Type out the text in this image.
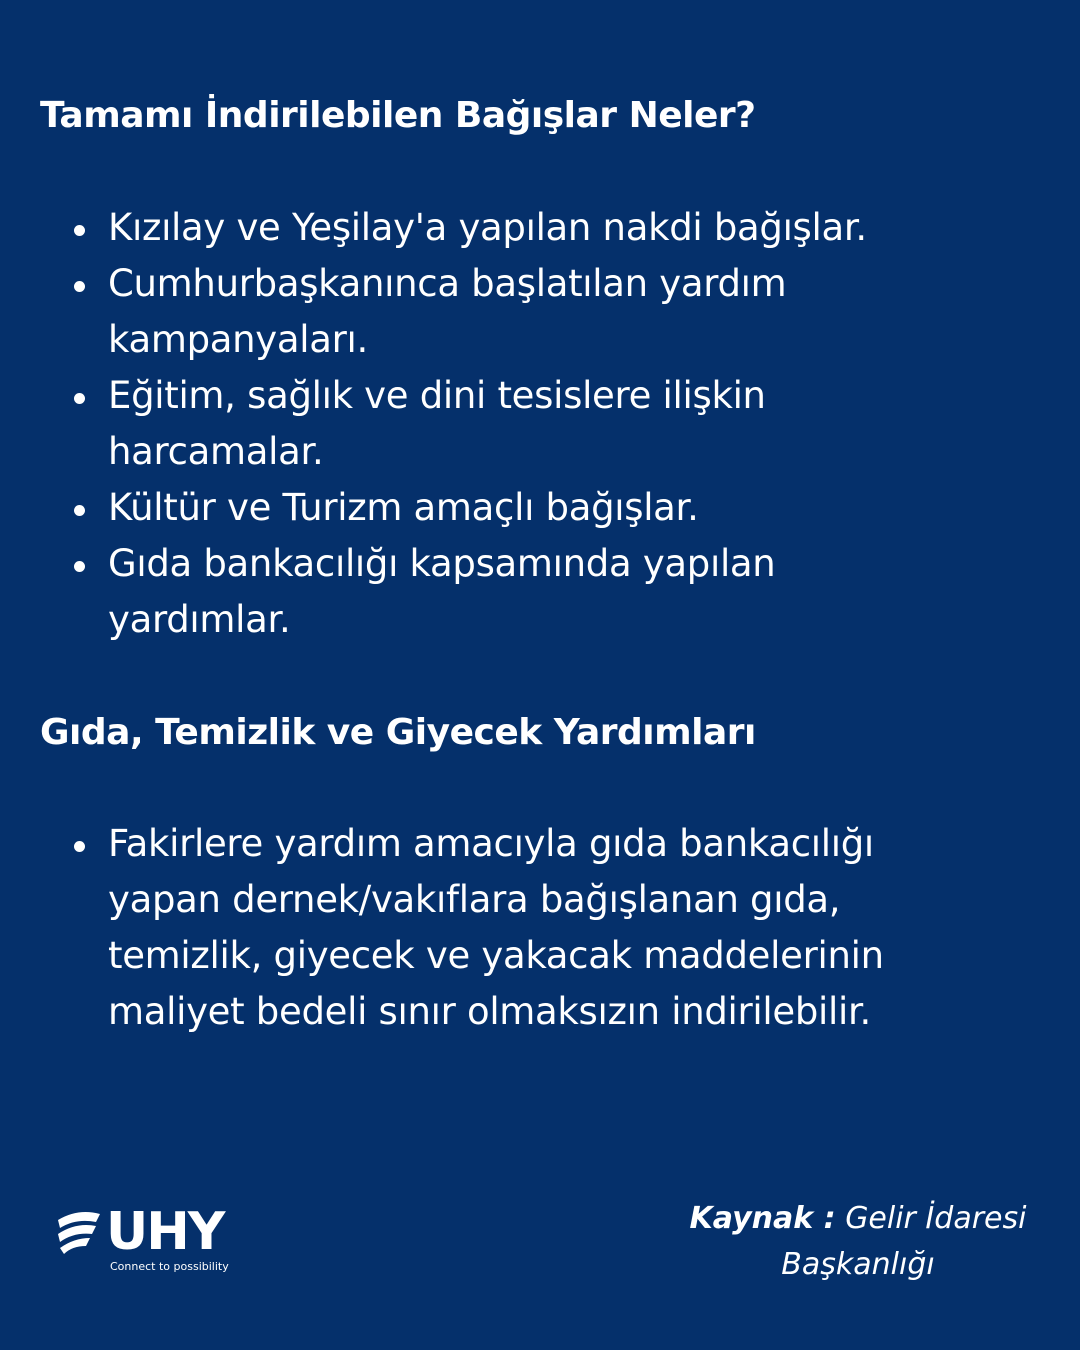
Tamamı İndirilebilen Bağışlar Neler?
Kızılay ve Yeşilay'a yapılan nakdi bağışlar.
Cumhurbaşkanınca başlatılan yardım kampanyaları.
Eğitim, sağlık ve dini tesislere ilişkin harcamalar.
Kültür ve Turizm amaçlı bağışlar.
Gıda bankacılığı kapsamında yapılan yardımlar.
Gıda, Temizlik ve Giyecek Yardımları
Fakirlere yardım amacıyla gıda bankacılığı yapan dernek/vakıflara bağışlanan gıda, temizlik, giyecek ve yakacak maddelerinin maliyet bedeli sınır olmaksızın indirilebilir.
UHY
Connect to possibility
Kaynak : Gelir İdaresi
Başkanlığı
